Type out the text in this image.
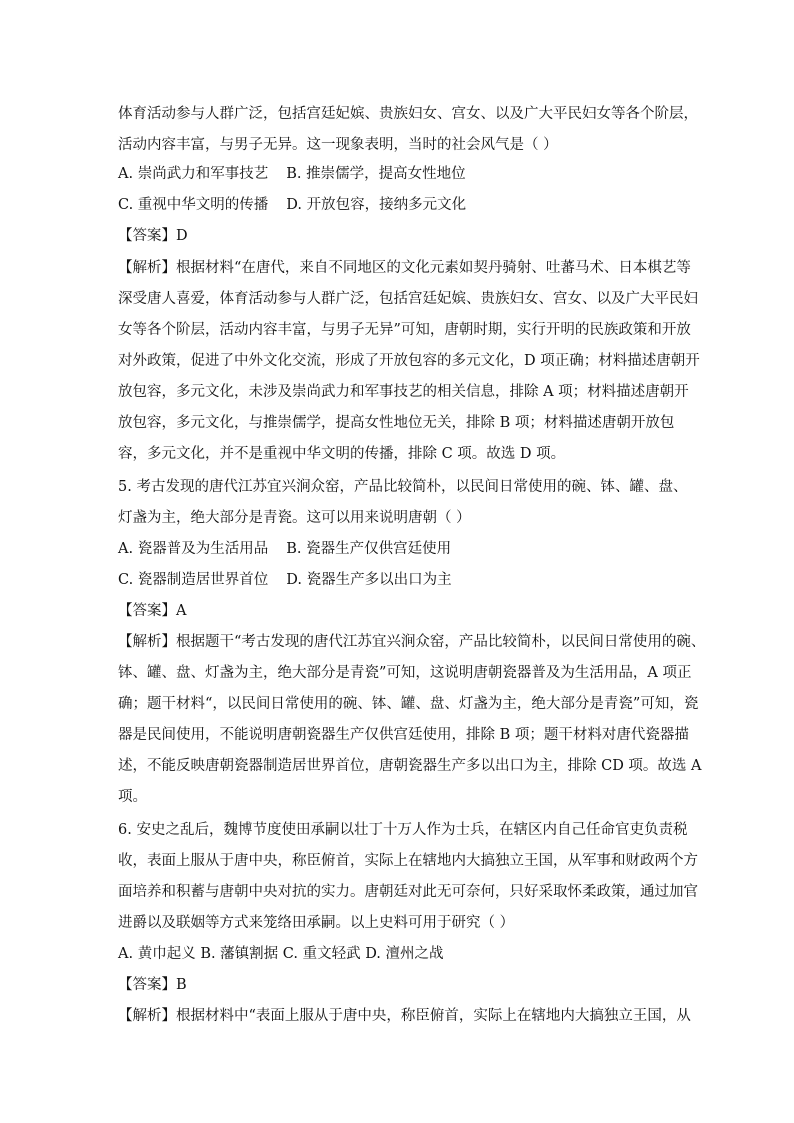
体育活动参与人群广泛，包括宫廷妃嫔、贵族妇女、宫女、以及广大平民妇女等各个阶层，
活动内容丰富，与男子无异。这一现象表明，当时的社会风气是（ ）
A. 崇尚武力和军事技艺 B. 推崇儒学，提高女性地位
C. 重视中华文明的传播 D. 开放包容，接纳多元文化
【答案】D
【解析】根据材料“在唐代，来自不同地区的文化元素如契丹骑射、吐蕃马术、日本棋艺等
深受唐人喜爱，体育活动参与人群广泛，包括宫廷妃嫔、贵族妇女、宫女、以及广大平民妇
女等各个阶层，活动内容丰富，与男子无异”可知，唐朝时期，实行开明的民族政策和开放
对外政策，促进了中外文化交流，形成了开放包容的多元文化，D 项正确；材料描述唐朝开
放包容，多元文化，未涉及崇尚武力和军事技艺的相关信息，排除 A 项；材料描述唐朝开
放包容，多元文化，与推崇儒学，提高女性地位无关，排除 B 项；材料描述唐朝开放包
容，多元文化，并不是重视中华文明的传播，排除 C 项。故选 D 项。
5. 考古发现的唐代江苏宜兴涧众窑，产品比较简朴，以民间日常使用的碗、钵、罐、盘、
灯盏为主，绝大部分是青瓷。这可以用来说明唐朝（ ）
A. 瓷器普及为生活用品 B. 瓷器生产仅供宫廷使用
C. 瓷器制造居世界首位 D. 瓷器生产多以出口为主
【答案】A
【解析】根据题干“考古发现的唐代江苏宜兴涧众窑，产品比较简朴，以民间日常使用的碗、
钵、罐、盘、灯盏为主，绝大部分是青瓷”可知，这说明唐朝瓷器普及为生活用品，A 项正
确；题干材料“，以民间日常使用的碗、钵、罐、盘、灯盏为主，绝大部分是青瓷”可知，瓷
器是民间使用，不能说明唐朝瓷器生产仅供宫廷使用，排除 B 项；题干材料对唐代瓷器描
述，不能反映唐朝瓷器制造居世界首位，唐朝瓷器生产多以出口为主，排除 CD 项。故选 A
项。
6. 安史之乱后，魏博节度使田承嗣以壮丁十万人作为士兵，在辖区内自己任命官吏负责税
收，表面上服从于唐中央，称臣俯首，实际上在辖地内大搞独立王国，从军事和财政两个方
面培养和积蓄与唐朝中央对抗的实力。唐朝廷对此无可奈何，只好采取怀柔政策，通过加官
进爵以及联姻等方式来笼络田承嗣。以上史料可用于研究（ ）
A. 黄巾起义 B. 藩镇割据 C. 重文轻武 D. 澶州之战
【答案】B
【解析】根据材料中“表面上服从于唐中央，称臣俯首，实际上在辖地内大搞独立王国，从
